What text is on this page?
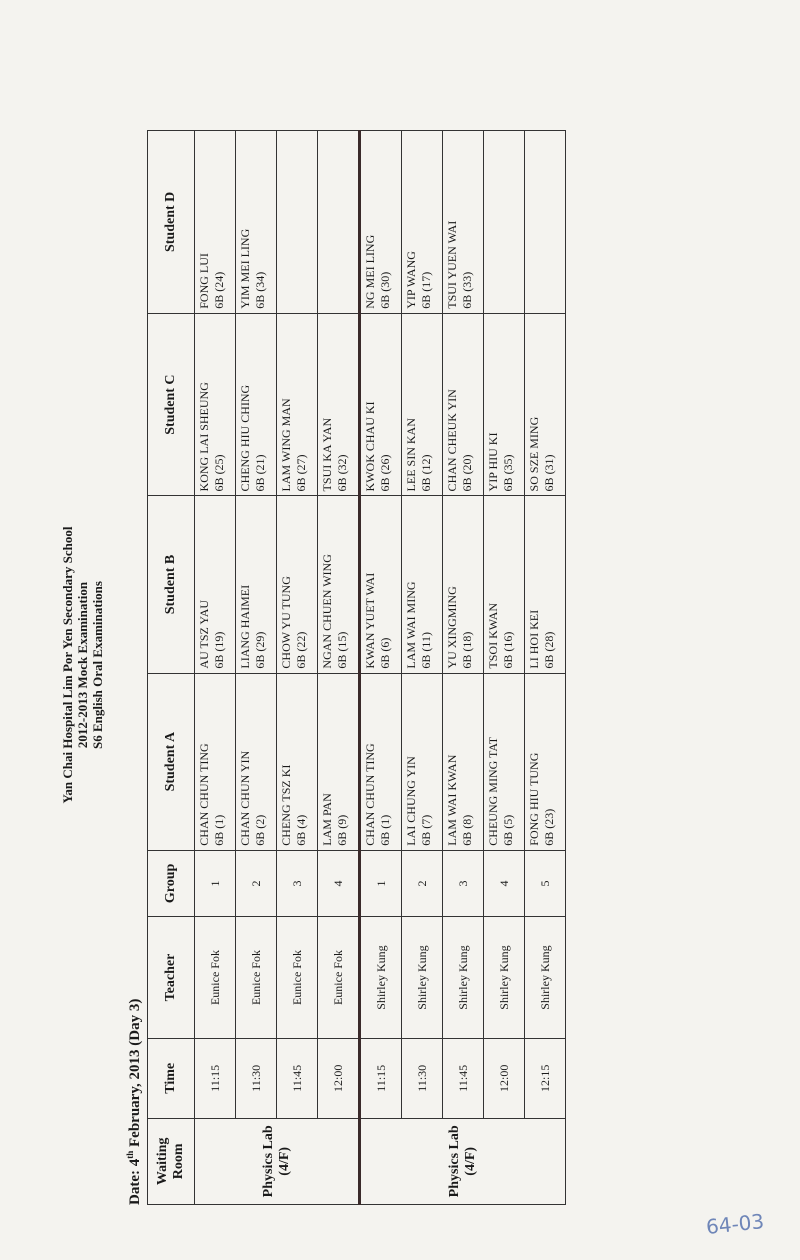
Yan Chai Hospital Lim Por Yen Secondary School 2012-2013 Mock Examination S6 English Oral Examinations
Date: 4th February, 2013 (Day 3)
Waiting Room	Time	Teacher	Group	Student A	Student B	Student C	Student D
Physics Lab (4/F)	11:15	Eunice Fok	1	CHAN CHUN TING 6B (1)	AU TSZ YAU 6B (19)	KONG LAI SHEUNG 6B (25)	FONG LUI 6B (24)

	11:30	Eunice Fok	2	CHAN CHUN YIN 6B (2)	LIANG HAIMEI 6B (29)	CHENG HIU CHING 6B (21)	YIM MEI LING 6B (34)

	11:45	Eunice Fok	3	CHENG TSZ KI 6B (4)	CHOW YU TUNG 6B (22)	LAM WING MAN 6B (27)	

	12:00	Eunice Fok	4	LAM PAN 6B (9)	NGAN CHUEN WING 6B (15)	TSUI KA YAN 6B (32)	

Physics Lab (4/F)	11:15	Shirley Kung	1	CHAN CHUN TING 6B (1)	KWAN YUET WAI 6B (6)	KWOK CHAU KI 6B (26)	NG MEI LING 6B (30)

	11:30	Shirley Kung	2	LAI CHUNG YIN 6B (7)	LAM WAI MING 6B (11)	LEE SIN KAN 6B (12)	YIP WANG 6B (17)

	11:45	Shirley Kung	3	LAM WAI KWAN 6B (8)	YU XINGMING 6B (18)	CHAN CHEUK YIN 6B (20)	TSUI YUEN WAI 6B (33)

	12:00	Shirley Kung	4	CHEUNG MING TAT 6B (5)	TSOI KWAN 6B (16)	YIP HIU KI 6B (35)	

	12:15	Shirley Kung	5	FONG HIU TUNG 6B (23)	LI HOI KEI 6B (28)	SO SZE MING 6B (31)	

64-03
